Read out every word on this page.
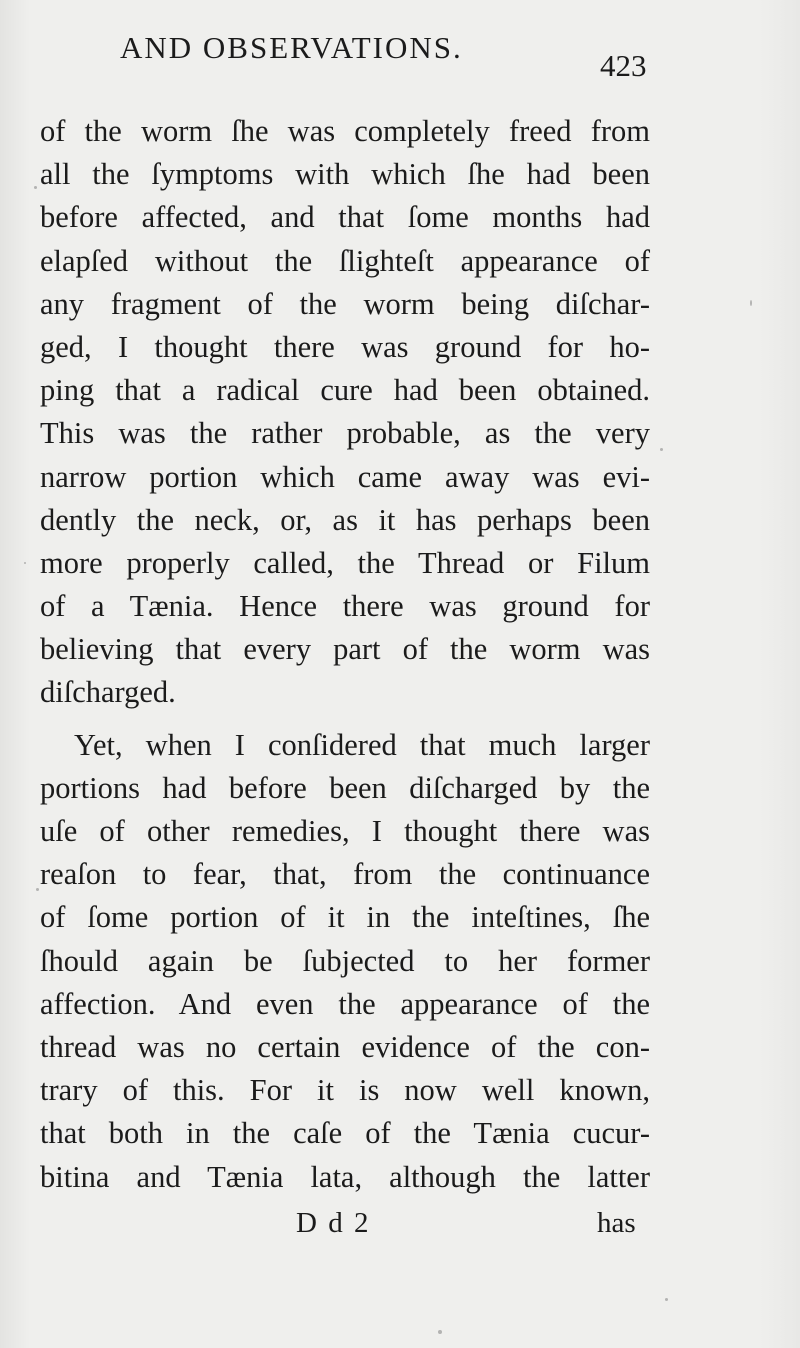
AND OBSERVATIONS.
423
of the worm ſhe was completely freed from
all the ſymptoms with which ſhe had been
before affected, and that ſome months had
elapſed without the ſlighteſt appearance of
any fragment of the worm being diſchar-
ged, I thought there was ground for ho-
ping that a radical cure had been obtained.
This was the rather probable, as the very
narrow portion which came away was evi-
dently the neck, or, as it has perhaps been
more properly called, the Thread or Filum
of a Tænia. Hence there was ground for
believing that every part of the worm was
diſcharged.
Yet, when I conſidered that much larger
portions had before been diſcharged by the
uſe of other remedies, I thought there was
reaſon to fear, that, from the continuance
of ſome portion of it in the inteſtines, ſhe
ſhould again be ſubjected to her former
affection. And even the appearance of the
thread was no certain evidence of the con-
trary of this. For it is now well known,
that both in the caſe of the Tænia cucur-
bitina and Tænia lata, although the latter
D d 2	has
